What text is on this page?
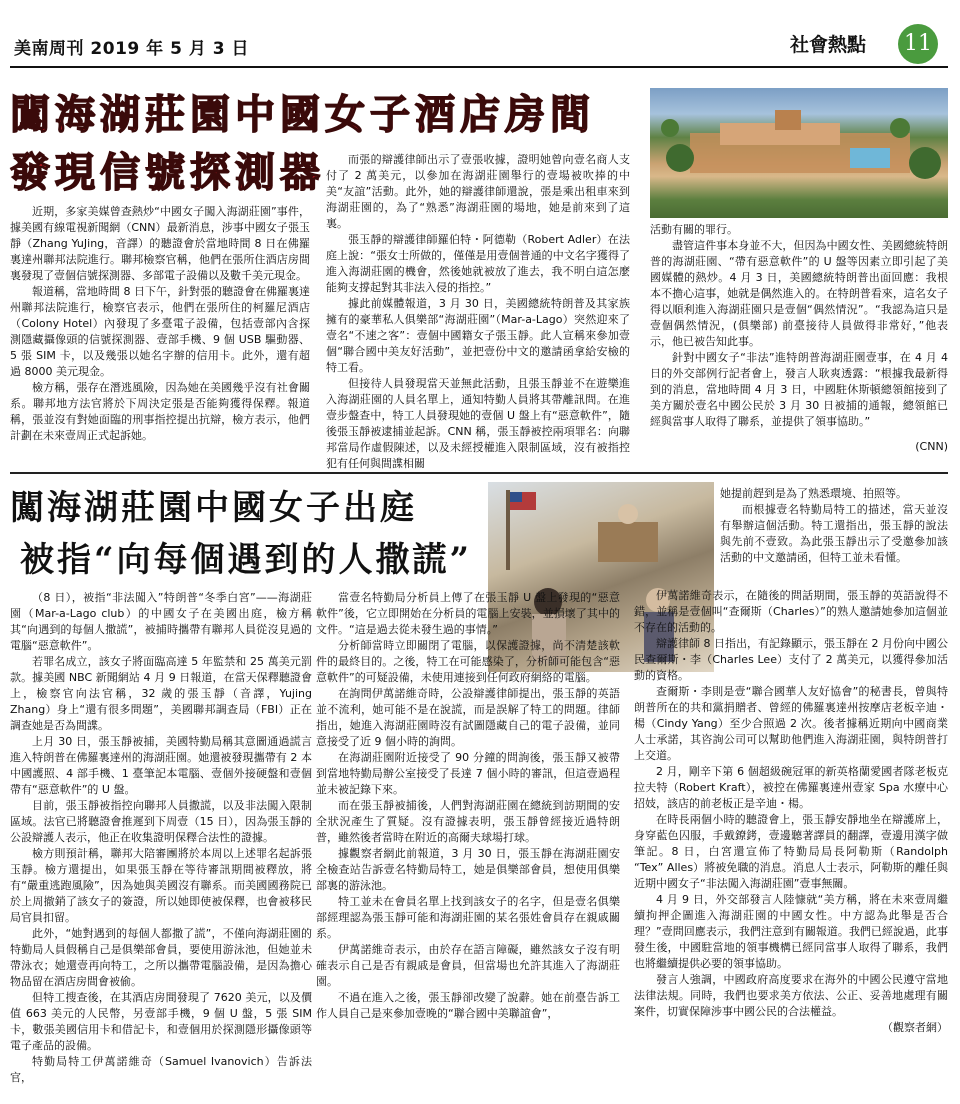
美南周刊 2019 年 5 月 3 日	社會熱點 11
闖海湖莊園中國女子酒店房間
發現信號探測器

近期，多家美媒曾查熱炒“中國女子闖入海湖莊園”事件，據美國有線電視新聞網（CNN）最新消息，涉事中國女子張玉靜（Zhang YuJing，音譯）的聽證會於當地時間 8 日在佛羅裏達州聯邦法院進行。聯邦檢察官稱，他們在張所住酒店房間裏發現了壹個信號探測器、多部電子設備以及數千美元現金。

報道稱，當地時間 8 日下午，針對張的聽證會在佛羅裏達州聯邦法院進行，檢察官表示，他們在張所住的柯羅尼酒店（Colony Hotel）內發現了多臺電子設備，包括壹部內含探測隱藏攝像頭的信號探測器、壹部手機、9 個 USB 驅動器、5 張 SIM 卡，以及幾張以她名字辦的信用卡。此外，還有超過 8000 美元現金。

檢方稱，張存在潛逃風險，因為她在美國幾乎沒有社會關系。聯邦地方法官將於下周決定張是否能夠獲得保釋。報道稱，張並沒有對她面臨的刑事指控提出抗辯，檢方表示，他們計劃在未來壹周正式起訴她。

而張的辯護律師出示了壹張收據，證明她曾向壹名商人支付了 2 萬美元，以參加在海湖莊園舉行的壹場被吹捧的中美“友誼”活動。此外，她的辯護律師還說，張是乘出租車來到海湖莊園的，為了“熟悉”海湖莊園的場地，她是前來到了這裏。

張玉靜的辯護律師羅伯特・阿德勒（Robert Adler）在法庭上說：“張女士所做的，僅僅是用壹個普通的中文名字獲得了進入海湖莊園的機會，然後她就被放了進去，我不明白這怎麼能夠支撐起對其非法入侵的指控。”

據此前媒體報道，3 月 30 日，美國總統特朗普及其家族擁有的豪華私人俱樂部“海湖莊園”（Mar-a-Lago）突然迎來了壹名“不速之客”：壹個中國籍女子張玉靜。此人宣稱來參加壹個“聯合國中美友好活動”，並把壹份中文的邀請函拿給安檢的特工看。

但接待人員發現當天並無此活動，且張玉靜並不在遊樂進入海湖莊園的人員名單上，通知特勤人員將其帶離訊問。在進壹步盤查中，特工人員發現她的壹個 U 盤上有“惡意軟件”，隨後張玉靜被逮捕並起訴。CNN 稱，張玉靜被控兩項罪名：向聯邦當局作虛假陳述，以及未經授權進入限制區域，沒有被指控犯有任何與間諜相關

活動有關的罪行。

盡管這件事本身並不大，但因為中國女性、美國總統特朗普的海湖莊園、“帶有惡意軟件”的 U 盤等因素立即引起了美國媒體的熱炒。4 月 3 日，美國總統特朗普出面回應：我根本不擔心這事，她就是偶然進入的。在特朗普看來，這名女子得以順利進入海湖莊園只是壹個“偶然情況”。“我認為這只是壹個偶然情況，(俱樂部) 前臺接待人員做得非常好，”他表示，他已被告知此事。

針對中國女子“非法”進特朗普海湖莊園壹事，在 4 月 4 日的外交部例行記者會上，發言人耿爽透露：“根據我最新得到的消息，當地時間 4 月 3 日，中國駐休斯頓總領館接到了美方關於壹名中國公民於 3 月 30 日被捕的通報，總領館已經與當事人取得了聯系，並提供了領事協助。”

(CNN)
闖海湖莊園中國女子出庭
被指“向每個遇到的人撒謊”

（8 日），被指“非法闖入”特朗普“冬季白宮”——海湖莊園（Mar-a-Lago club）的中國女子在美國出庭，檢方稱其“向遇到的每個人撒謊”，被捕時攜帶有聯邦人員從沒見過的電腦“惡意軟件”。

若罪名成立，該女子將面臨高達 5 年監禁和 25 萬美元罰款。據美國 NBC 新聞網站 4 月 9 日報道，在當天保釋聽證會上，檢察官向法官稱，32 歲的張玉靜（音譯，Yujing Zhang）身上“還有很多問題”，美國聯邦調查局（FBI）正在調查她是否為間諜。

上月 30 日，張玉靜被捕，美國特勤局稱其意圖通過謊言進入特朗普在佛羅裏達州的海湖莊園。她還被發現攜帶有 2 本中國護照、4 部手機、1 臺筆記本電腦、壹個外接硬盤和壹個帶有“惡意軟件”的 U 盤。

目前，張玉靜被指控向聯邦人員撒謊，以及非法闖入限制區域。法官已將聽證會推遲到下周壹（15 日），因為張玉靜的公設辯護人表示，他正在收集證明保釋合法性的證據。

檢方則預計稱，聯邦大陪審團將於本周以上述罪名起訴張玉靜。檢方還提出，如果張玉靜在等待審訊期間被釋放，將有“嚴重逃跑風險”，因為她與美國沒有聯系。而美國國務院已於上周撤銷了該女子的簽證，所以她即使被保釋，也會被移民局官員扣留。

此外，“她對遇到的每個人都撒了謊”，不僅向海湖莊園的特勤局人員假稱自己是俱樂部會員，要使用游泳池，但她並未帶泳衣；她還壹再向特工，之所以攜帶電腦設備，是因為擔心物品留在酒店房間會被偷。

但特工搜查後，在其酒店房間發現了 7620 美元，以及價值 663 美元的人民幣，另壹部手機，9 個 U 盤，5 張 SIM 卡，數張美國信用卡和借記卡，和壹個用於探測隱形攝像頭等電子產品的設備。

特勤局特工伊萬諾維奇（Samuel Ivanovich）告訴法官，

當壹名特勤局分析員上傳了在張玉靜 U 盤上發現的“惡意軟件”後，它立即開始在分析員的電腦上安裝，並損壞了其中的文件。“這是過去從未發生過的事情。”

分析師當時立即關閉了電腦，以保護證據，尚不清楚該軟件的最終目的。之後，特工在可能感染了，分析師可能包含“惡意軟件”的可疑設備，未使用連接到任何政府網絡的電腦。

在詢問伊萬諾維奇時，公設辯護律師提出，張玉靜的英語並不流利，她可能不是在說謊，而是誤解了特工的問題。律師指出，她進入海湖莊園時沒有試圖隱藏自己的電子設備，並同意接受了近 9 個小時的詢問。

在海湖莊園附近接受了 90 分鐘的問詢後，張玉靜又被帶到當地特勤局辦公室接受了長達 7 個小時的審訊，但這壹過程並未被記錄下來。

而在張玉靜被捕後，人們對海湖莊園在總統到訪期間的安全狀況產生了質疑。沒有證據表明，張玉靜曾經接近過特朗普，雖然後者當時在附近的高爾夫球場打球。

據觀察者網此前報道，3 月 30 日，張玉靜在海湖莊園安全檢查站告訴壹名特勤局特工，她是俱樂部會員，想使用俱樂部裏的游泳池。

特工並未在會員名單上找到該女子的名字，但是壹名俱樂部經理認為張玉靜可能和海湖莊園的某名張姓會員存在親戚關系。

伊萬諾維奇表示，由於存在語言障礙，雖然該女子沒有明確表示自己是否有親戚是會員，但當場也允許其進入了海湖莊園。

不過在進入之後，張玉靜卻改變了說辭。她在前臺告訴工作人員自己是來參加壹晚的“聯合國中美聯誼會”，

她提前趕到是為了熟悉環境、拍照等。

而根據壹名特勤局特工的描述，當天並沒有舉辦這個活動。特工還指出，張玉靜的說法與先前不壹致。為此張玉靜出示了受邀參加該活動的中文邀請函，但特工並未看懂。

伊萬諾維奇表示，在隨後的問話期間，張玉靜的英語說得不錯，並稱是壹個叫“查爾斯（Charles）”的熟人邀請她參加這個並不存在的活動的。

辯護律師 8 日指出，有記錄顯示，張玉靜在 2 月份向中國公民查爾斯・李（Charles Lee）支付了 2 萬美元，以獲得參加活動的資格。

查爾斯・李則是壹“聯合國華人友好協會”的秘書長，曾與特朗普所在的共和黨捐贈者、曾經的佛羅裏達州按摩店老板辛迪・楊（Cindy Yang）至少合照過 2 次。後者據稱近期向中國商業人士承諾，其咨詢公司可以幫助他們進入海湖莊園，與特朗普打上交道。

2 月，剛辛下第 6 個超級碗冠軍的新英格蘭愛國者隊老板克拉夫特（Robert Kraft），被控在佛羅裏達州壹家 Spa 水療中心招妓，該店的前老板正是辛迪・楊。

在時長兩個小時的聽證會上，張玉靜安靜地坐在辯護席上，身穿藍色囚服，手戴鐐銬，壹邊聽著譯員的翻譯，壹邊用漢字做筆記。8 日，白宮還宣佈了特勤局局長阿勒斯（Randolph “Tex” Alles）將被免職的消息。消息人士表示，阿勒斯的離任與近期中國女子“非法闖入海湖莊園”壹事無關。

4 月 9 日，外交部發言人陸慷就“美方稱，將在未來壹周繼續拘押企圖進入海湖莊園的中國女性。中方認為此舉是否合理？”壹問回應表示，我們注意到有關報道。我們已經說過，此事發生後，中國駐當地的領事機構已經同當事人取得了聯系，我們也將繼續提供必要的領事協助。

發言人強調，中國政府高度要求在海外的中國公民遵守當地法律法規。同時，我們也要求美方依法、公正、妥善地處理有關案件，切實保障涉事中國公民的合法權益。

（觀察者網）
